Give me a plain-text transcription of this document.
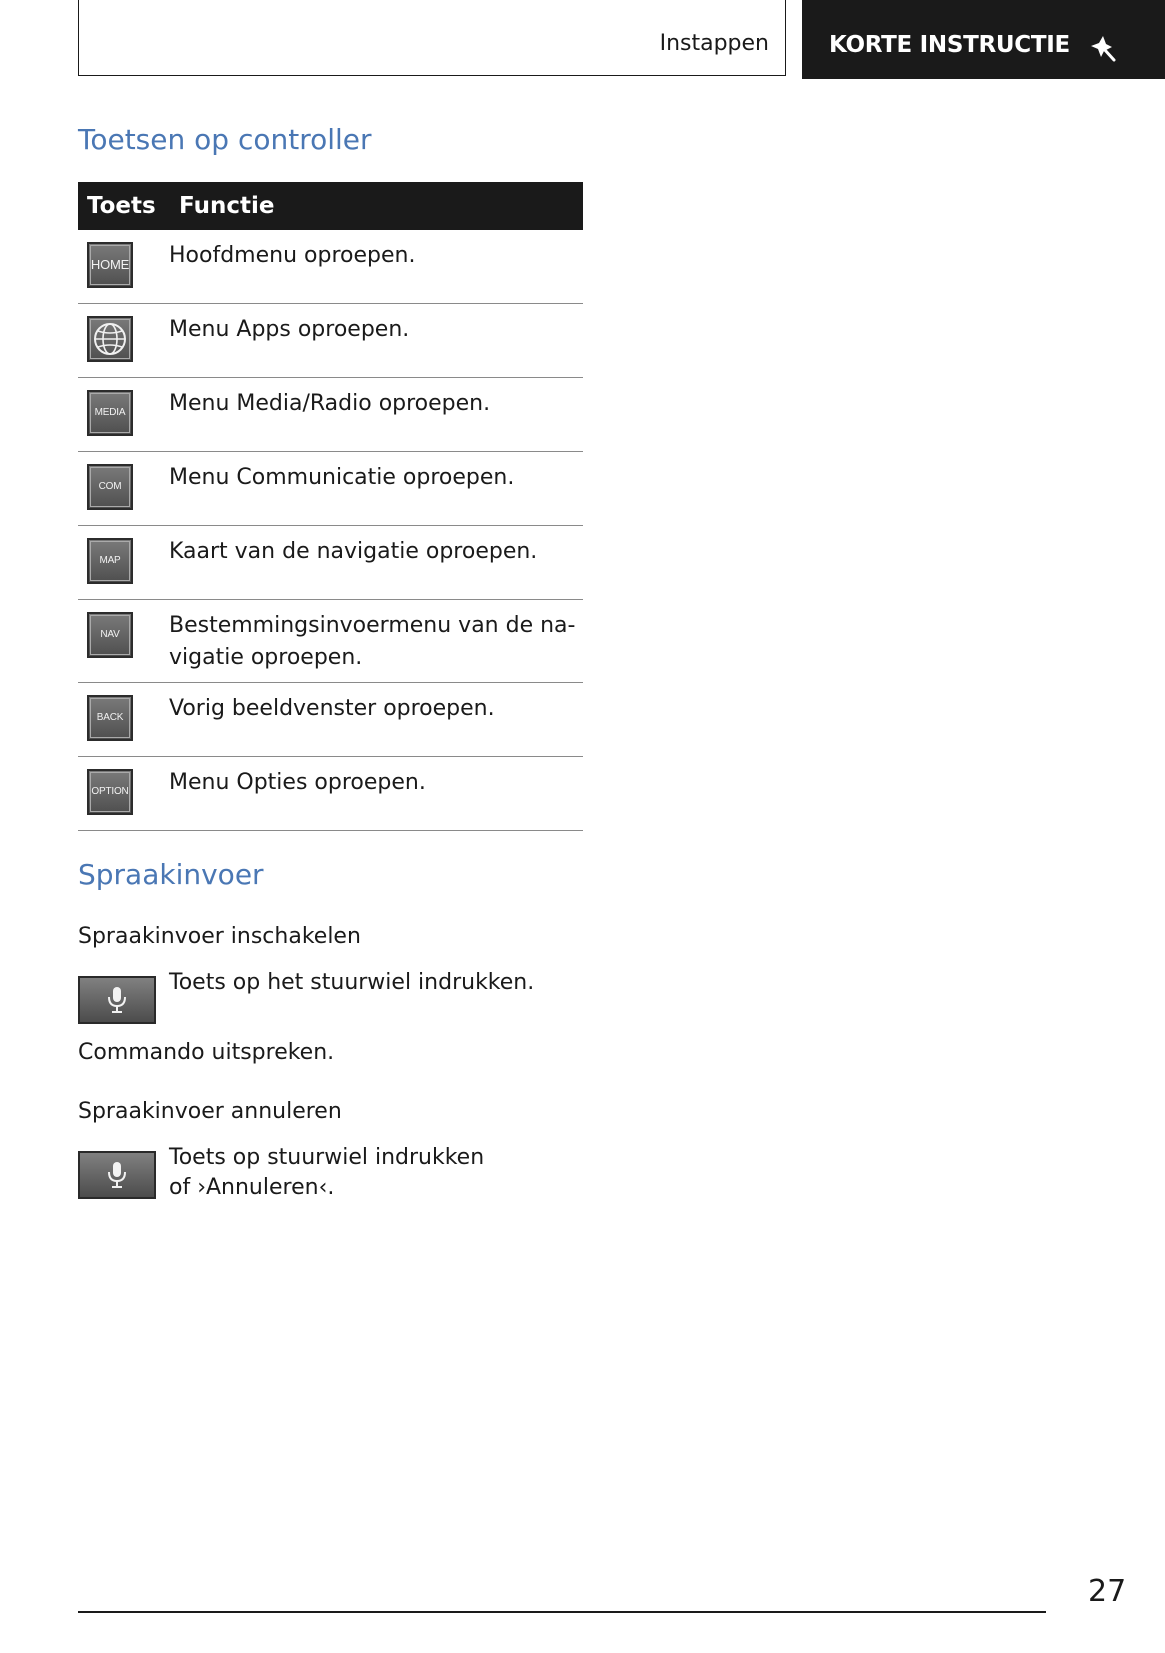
Instappen	KORTE INSTRUCTIE
Toetsen op controller
Toets	Functie

HOME	Hoofdmenu oproepen.

	Menu Apps oproepen.

MEDIA	Menu Media/Radio oproepen.

COM	Menu Communicatie oproepen.

MAP	Kaart van de navigatie oproepen.

NAV	Bestemmingsinvoermenu van de na-
vigatie oproepen.

BACK	Vorig beeldvenster oproepen.

OPTION	Menu Opties oproepen.
Spraakinvoer
Spraakinvoer inschakelen

Toets op het stuurwiel indrukken.

Commando uitspreken.

Spraakinvoer annuleren

Toets op stuurwiel indrukken
of ›Annuleren‹.

27
